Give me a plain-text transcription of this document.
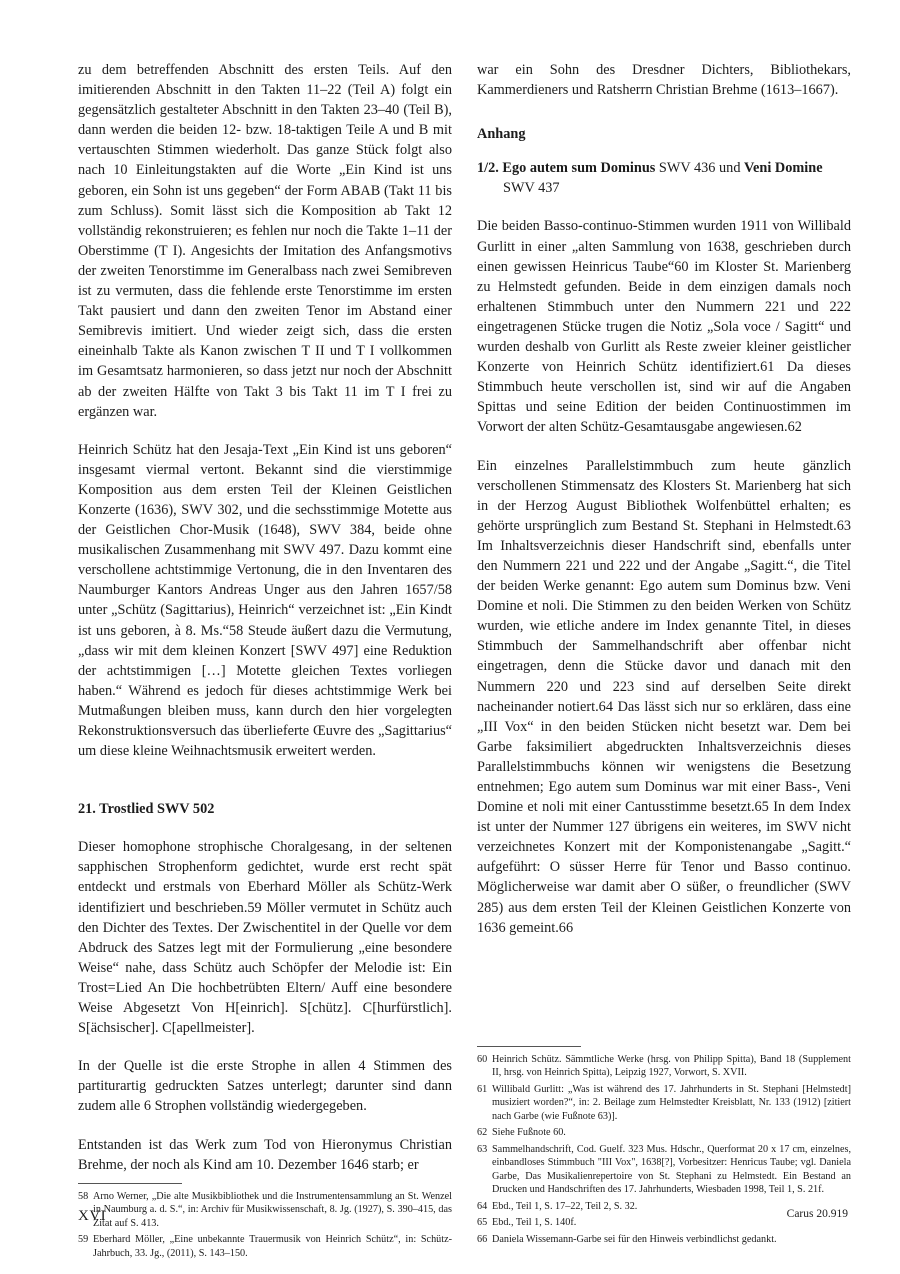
zu dem betreffenden Abschnitt des ersten Teils. Auf den imitierenden Abschnitt in den Takten 11–22 (Teil A) folgt ein gegensätzlich gestalteter Abschnitt in den Takten 23–40 (Teil B), dann werden die beiden 12- bzw. 18-taktigen Teile A und B mit vertauschten Stimmen wiederholt. Das ganze Stück folgt also nach 10 Einleitungstakten auf die Worte „Ein Kind ist uns geboren, ein Sohn ist uns gegeben“ der Form ABAB (Takt 11 bis zum Schluss). Somit lässt sich die Komposition ab Takt 12 vollständig rekonstruieren; es fehlen nur noch die Takte 1–11 der Oberstimme (T I). Angesichts der Imitation des Anfangsmotivs der zweiten Tenorstimme im Generalbass nach zwei Semibreven ist zu vermuten, dass die fehlende erste Tenorstimme im ersten Takt pausiert und dann den zweiten Tenor im Abstand einer Semibrevis imitiert. Und wieder zeigt sich, dass die ersten eineinhalb Takte als Kanon zwischen T II und T I vollkommen im Gesamtsatz harmonieren, so dass jetzt nur noch der Abschnitt ab der zweiten Hälfte von Takt 3 bis Takt 11 im T I frei zu ergänzen war.

Heinrich Schütz hat den Jesaja-Text „Ein Kind ist uns geboren“ insgesamt viermal vertont. Bekannt sind die vierstimmige Komposition aus dem ersten Teil der Kleinen Geistlichen Konzerte (1636), SWV 302, und die sechsstimmige Motette aus der Geistlichen Chor-Musik (1648), SWV 384, beide ohne musikalischen Zusammenhang mit SWV 497. Dazu kommt eine verschollene achtstimmige Vertonung, die in den Inventaren des Naumburger Kantors Andreas Unger aus den Jahren 1657/58 unter „Schütz (Sagittarius), Heinrich“ verzeichnet ist: „Ein Kindt ist uns geboren, à 8. Ms.“58 Steude äußert dazu die Vermutung, „dass wir mit dem kleinen Konzert [SWV 497] eine Reduktion der achtstimmigen […] Motette gleichen Textes vorliegen haben.“ Während es jedoch für dieses achtstimmige Werk bei Mutmaßungen bleiben muss, kann durch den hier vorgelegten Rekonstruktionsversuch das überlieferte Œuvre des „Sagittarius“ um diese kleine Weihnachtsmusik erweitert werden.

21. Trostlied SWV 502

Dieser homophone strophische Choralgesang, in der seltenen sapphischen Strophenform gedichtet, wurde erst recht spät entdeckt und erstmals von Eberhard Möller als Schütz-Werk identifiziert und beschrieben.59 Möller vermutet in Schütz auch den Dichter des Textes. Der Zwischentitel in der Quelle vor dem Abdruck des Satzes legt mit der Formulierung „eine besondere Weise“ nahe, dass Schütz auch Schöpfer der Melodie ist: Ein Trost=Lied An Die hochbetrübten Eltern/ Auff eine besondere Weise Abgesetzt Von H[einrich]. S[chütz]. C[hurfürstlich]. S[ächsischer]. C[apellmeister].

In der Quelle ist die erste Strophe in allen 4 Stimmen des partiturartig gedruckten Satzes unterlegt; darunter sind dann zudem alle 6 Strophen vollständig wiedergegeben.

Entstanden ist das Werk zum Tod von Hieronymus Christian Brehme, der noch als Kind am 10. Dezember 1646 starb; er

58 Arno Werner, „Die alte Musikbibliothek und die Instrumentensammlung an St. Wenzel in Naumburg a. d. S.“, in: Archiv für Musikwissenschaft, 8. Jg. (1927), S. 390–415, das Zitat auf S. 413.
59 Eberhard Möller, „Eine unbekannte Trauermusik von Heinrich Schütz“, in: Schütz-Jahrbuch, 33. Jg., (2011), S. 143–150.

war ein Sohn des Dresdner Dichters, Bibliothekars, Kammerdieners und Ratsherrn Christian Brehme (1613–1667).

Anhang
1/2. Ego autem sum Dominus SWV 436 und Veni Domine
SWV 437

Die beiden Basso-continuo-Stimmen wurden 1911 von Willibald Gurlitt in einer „alten Sammlung von 1638, geschrieben durch einen gewissen Heinricus Taube“60 im Kloster St. Marienberg zu Helmstedt gefunden. Beide in dem einzigen damals noch erhaltenen Stimmbuch unter den Nummern 221 und 222 eingetragenen Stücke trugen die Notiz „Sola voce / Sagitt“ und wurden deshalb von Gurlitt als Reste zweier kleiner geistlicher Konzerte von Heinrich Schütz identifiziert.61 Da dieses Stimmbuch heute verschollen ist, sind wir auf die Angaben Spittas und seine Edition der beiden Continuostimmen im Vorwort der alten Schütz-Gesamtausgabe angewiesen.62

Ein einzelnes Parallelstimmbuch zum heute gänzlich verschollenen Stimmensatz des Klosters St. Marienberg hat sich in der Herzog August Bibliothek Wolfenbüttel erhalten; es gehörte ursprünglich zum Bestand St. Stephani in Helmstedt.63 Im Inhaltsverzeichnis dieser Handschrift sind, ebenfalls unter den Nummern 221 und 222 und der Angabe „Sagitt.“, die Titel der beiden Werke genannt: Ego autem sum Dominus bzw. Veni Domine et noli. Die Stimmen zu den beiden Werken von Schütz wurden, wie etliche andere im Index genannte Titel, in dieses Stimmbuch der Sammelhandschrift aber offenbar nicht eingetragen, denn die Stücke davor und danach mit den Nummern 220 und 223 sind auf derselben Seite direkt nacheinander notiert.64 Das lässt sich nur so erklären, dass eine „III Vox“ in den beiden Stücken nicht besetzt war. Dem bei Garbe faksimiliert abgedruckten Inhaltsverzeichnis dieses Parallelstimmbuchs können wir wenigstens die Besetzung entnehmen; Ego autem sum Dominus war mit einer Bass-, Veni Domine et noli mit einer Cantusstimme besetzt.65 In dem Index ist unter der Nummer 127 übrigens ein weiteres, im SWV nicht verzeichnetes Konzert mit der Komponistenangabe „Sagitt.“ aufgeführt: O süsser Herre für Tenor und Basso continuo. Möglicherweise war damit aber O süßer, o freundlicher (SWV 285) aus dem ersten Teil der Kleinen Geistlichen Konzerte von 1636 gemeint.66

60 Heinrich Schütz. Sämmtliche Werke (hrsg. von Philipp Spitta), Band 18 (Supplement II, hrsg. von Heinrich Spitta), Leipzig 1927, Vorwort, S. XVII.
61 Willibald Gurlitt: „Was ist während des 17. Jahrhunderts in St. Stephani [Helmstedt] musiziert worden?“, in: 2. Beilage zum Helmstedter Kreisblatt, Nr. 133 (1912) [zitiert nach Garbe (wie Fußnote 63)].
62 Siehe Fußnote 60.
63 Sammelhandschrift, Cod. Guelf. 323 Mus. Hdschr., Querformat 20 x 17 cm, einzelnes, einbandloses Stimmbuch "III Vox", 1638[?], Vorbesitzer: Henricus Taube; vgl. Daniela Garbe, Das Musikalienrepertoire von St. Stephani zu Helmstedt. Ein Bestand an Drucken und Handschriften des 17. Jahrhunderts, Wiesbaden 1998, Teil 1, S. 21f.
64 Ebd., Teil 1, S. 17–22, Teil 2, S. 32.
65 Ebd., Teil 1, S. 140f.
66 Daniela Wissemann-Garbe sei für den Hinweis verbindlichst gedankt.
XVI	Carus 20.919
